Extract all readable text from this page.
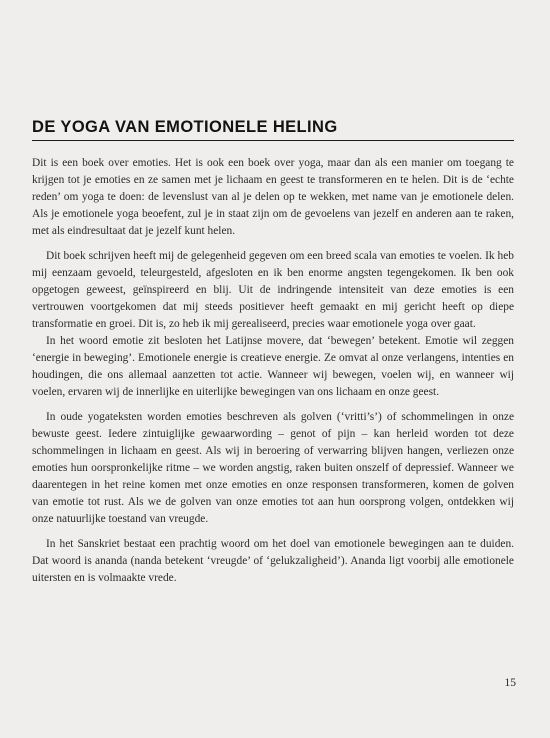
DE YOGA VAN EMOTIONELE HELING

Dit is een boek over emoties. Het is ook een boek over yoga, maar dan als een manier om toegang te krijgen tot je emoties en ze samen met je lichaam en geest te transformeren en te helen. Dit is de ‘echte reden’ om yoga te doen: de levenslust van al je delen op te wekken, met name van je emotionele delen. Als je emotionele yoga beoefent, zul je in staat zijn om de gevoelens van jezelf en anderen aan te raken, met als eindresultaat dat je jezelf kunt helen.

Dit boek schrijven heeft mij de gelegenheid gegeven om een breed scala van emoties te voelen. Ik heb mij eenzaam gevoeld, teleurgesteld, afgesloten en ik ben enorme angsten tegengekomen. Ik ben ook opgetogen geweest, geïnspireerd en blij. Uit de indringende intensiteit van deze emoties is een vertrouwen voortgekomen dat mij steeds positiever heeft gemaakt en mij gericht heeft op diepe transformatie en groei. Dit is, zo heb ik mij gerealiseerd, precies waar emotionele yoga over gaat.

In het woord emotie zit besloten het Latijnse movere, dat ‘bewegen’ betekent. Emotie wil zeggen ‘energie in beweging’. Emotionele energie is creatieve energie. Ze omvat al onze verlangens, intenties en houdingen, die ons allemaal aanzetten tot actie. Wanneer wij bewegen, voelen wij, en wanneer wij voelen, ervaren wij de innerlijke en uiterlijke bewegingen van ons lichaam en onze geest.

In oude yogateksten worden emoties beschreven als golven (‘vritti’s’) of schommelingen in onze bewuste geest. Iedere zintuiglijke gewaarwording – genot of pijn – kan herleid worden tot deze schommelingen in lichaam en geest. Als wij in beroering of verwarring blijven hangen, verliezen onze emoties hun oorspronkelijke ritme – we worden angstig, raken buiten onszelf of depressief. Wanneer we daarentegen in het reine komen met onze emoties en onze responsen transformeren, komen de golven van emotie tot rust. Als we de golven van onze emoties tot aan hun oorsprong volgen, ontdekken wij onze natuurlijke toestand van vreugde.

In het Sanskriet bestaat een prachtig woord om het doel van emotionele bewegingen aan te duiden. Dat woord is ananda (nanda betekent ‘vreugde’ of ‘gelukzaligheid’). Ananda ligt voorbij alle emotionele uitersten en is volmaakte vrede.

15
